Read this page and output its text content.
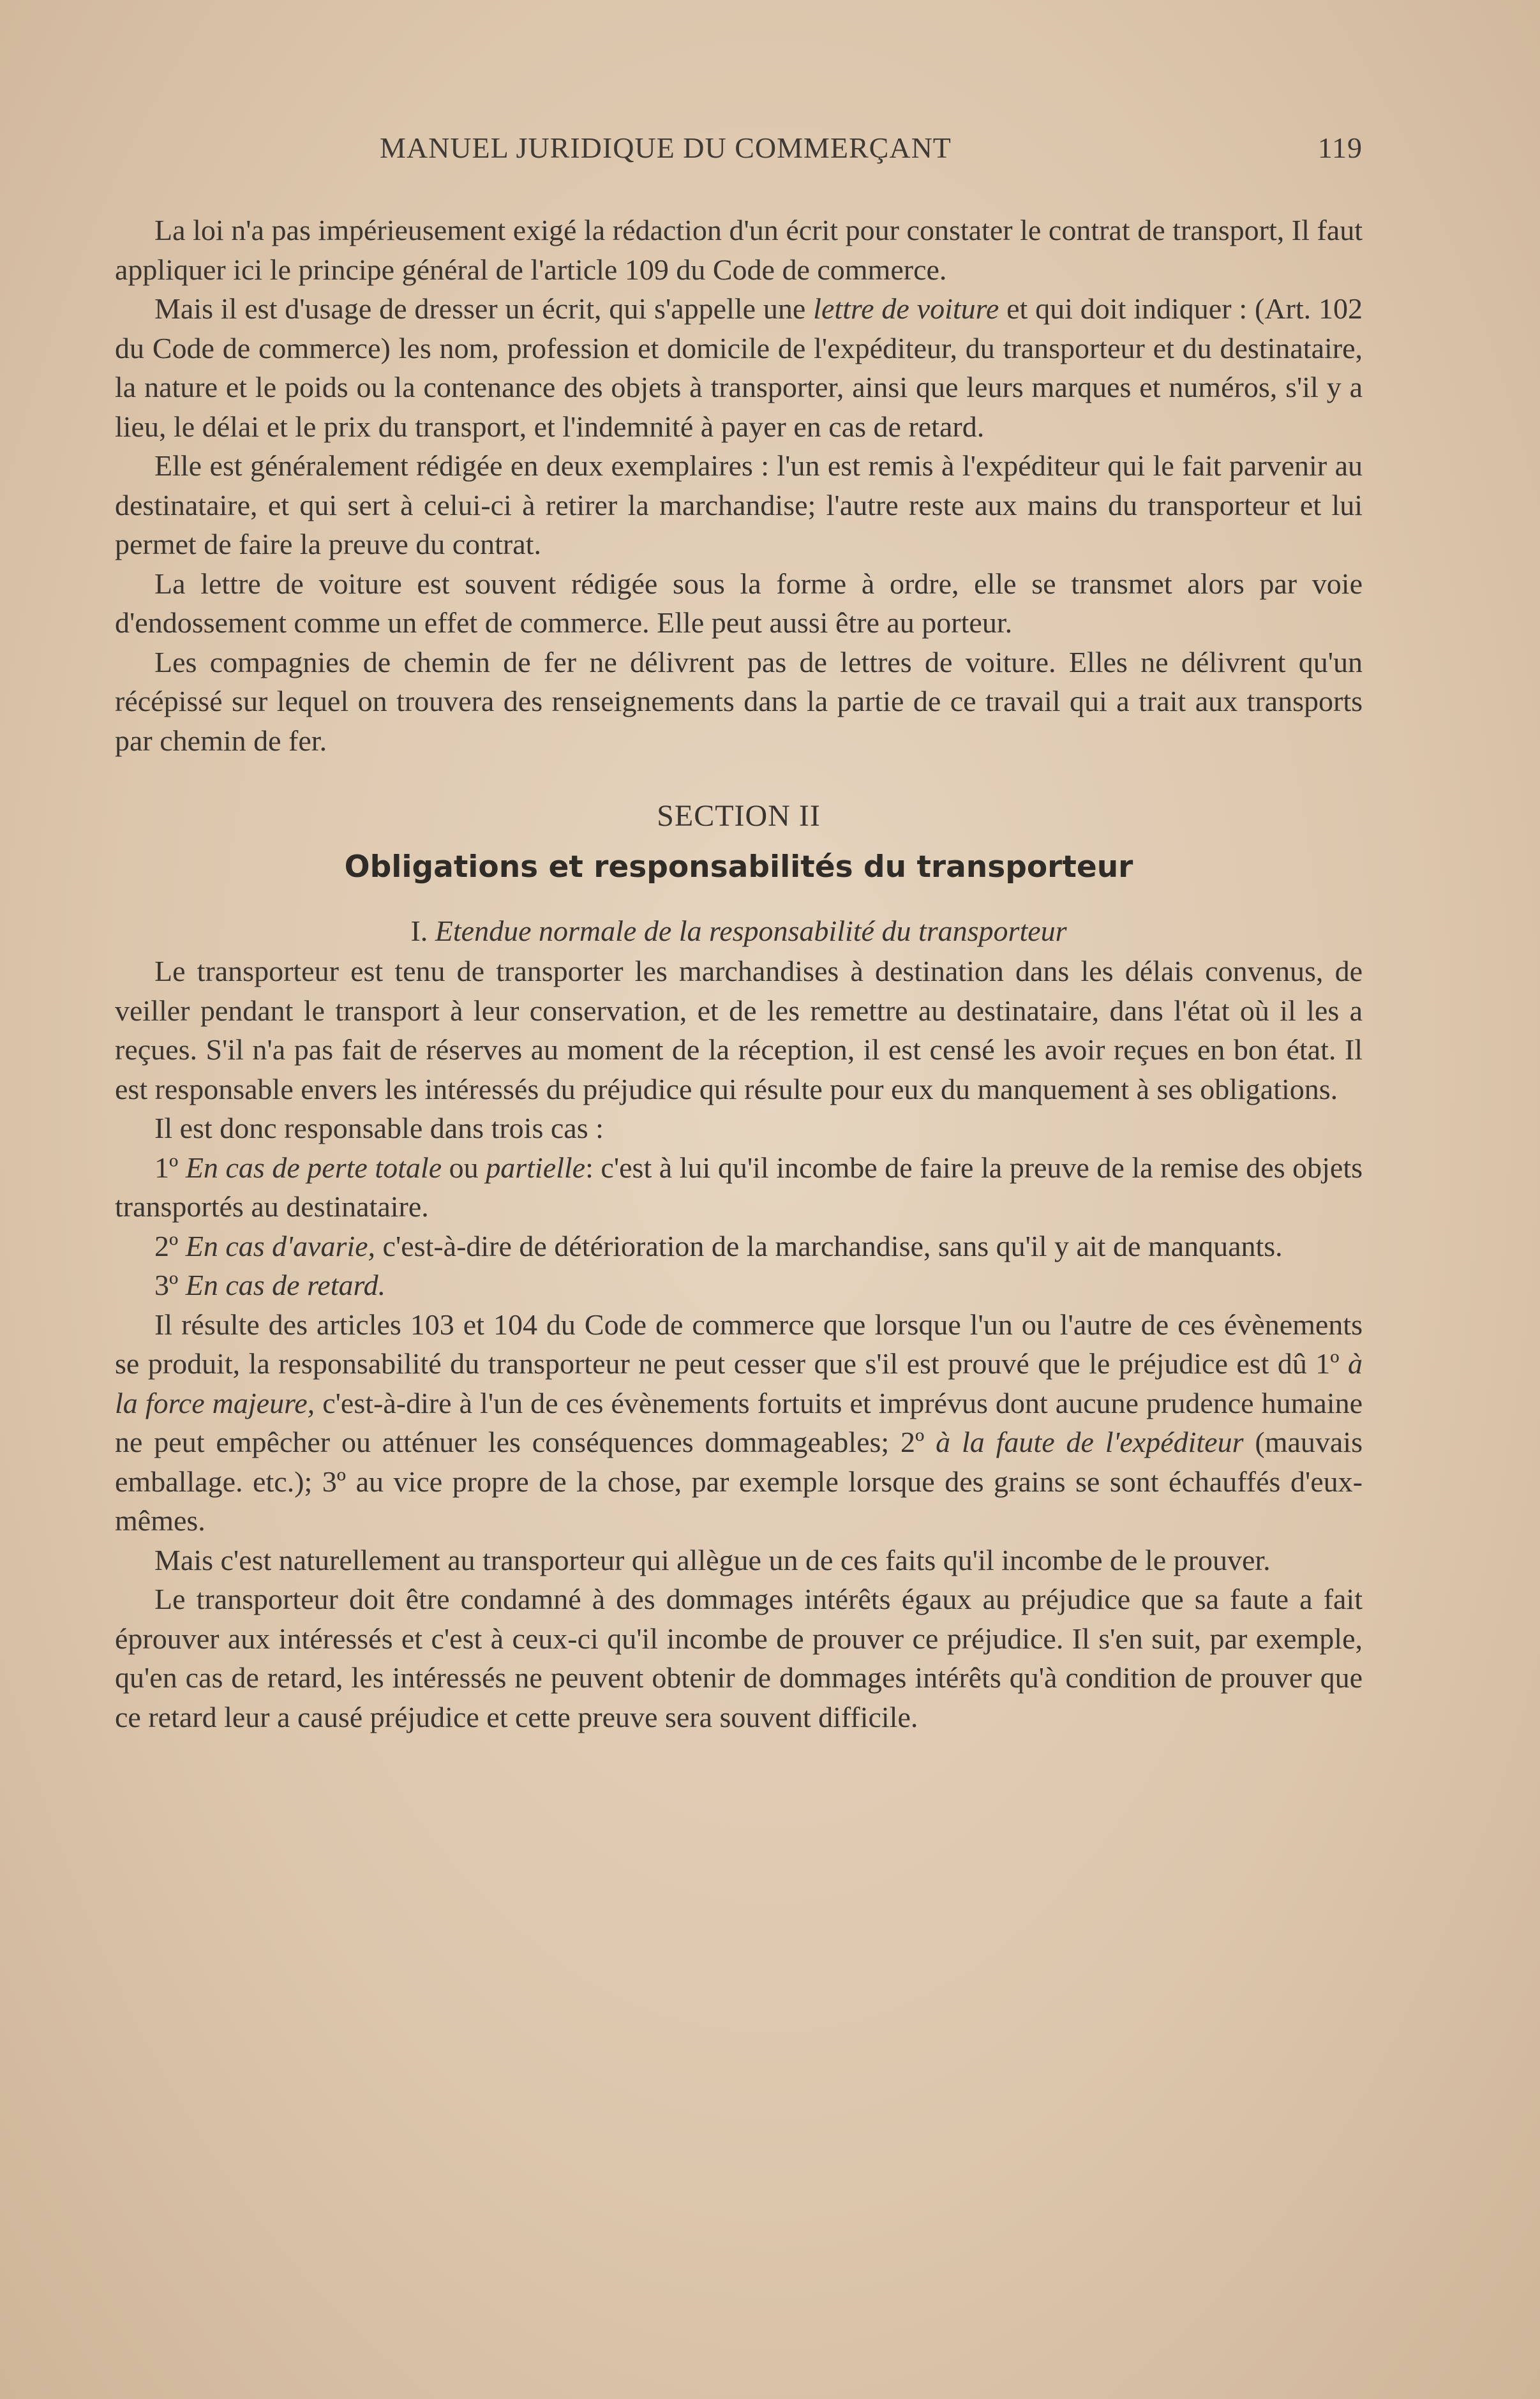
MANUEL JURIDIQUE DU COMMERÇANT	119

La loi n'a pas impérieusement exigé la rédaction d'un écrit pour constater le contrat de transport, Il faut appliquer ici le principe général de l'article 109 du Code de commerce.

Mais il est d'usage de dresser un écrit, qui s'appelle une lettre de voiture et qui doit indiquer : (Art. 102 du Code de commerce) les nom, profession et domicile de l'expéditeur, du transporteur et du destinataire, la nature et le poids ou la contenance des objets à transporter, ainsi que leurs marques et numéros, s'il y a lieu, le délai et le prix du transport, et l'indemnité à payer en cas de retard.

Elle est généralement rédigée en deux exemplaires : l'un est remis à l'expéditeur qui le fait parvenir au destinataire, et qui sert à celui-ci à retirer la marchandise; l'autre reste aux mains du transporteur et lui permet de faire la preuve du contrat.

La lettre de voiture est souvent rédigée sous la forme à ordre, elle se transmet alors par voie d'endossement comme un effet de commerce. Elle peut aussi être au porteur.

Les compagnies de chemin de fer ne délivrent pas de lettres de voiture. Elles ne délivrent qu'un récépissé sur lequel on trouvera des renseignements dans la partie de ce travail qui a trait aux transports par chemin de fer.

SECTION II
Obligations et responsabilités du transporteur
I. Etendue normale de la responsabilité du transporteur

Le transporteur est tenu de transporter les marchandises à destination dans les délais convenus, de veiller pendant le transport à leur conservation, et de les remettre au destinataire, dans l'état où il les a reçues. S'il n'a pas fait de réserves au moment de la réception, il est censé les avoir reçues en bon état. Il est responsable envers les intéressés du préjudice qui résulte pour eux du manquement à ses obligations.

Il est donc responsable dans trois cas :

1º En cas de perte totale ou partielle: c'est à lui qu'il incombe de faire la preuve de la remise des objets transportés au destinataire.

2º En cas d'avarie, c'est-à-dire de détérioration de la marchandise, sans qu'il y ait de manquants.

3º En cas de retard.

Il résulte des articles 103 et 104 du Code de commerce que lorsque l'un ou l'autre de ces évènements se produit, la responsabilité du transporteur ne peut cesser que s'il est prouvé que le préjudice est dû 1º à la force majeure, c'est-à-dire à l'un de ces évènements fortuits et imprévus dont aucune prudence humaine ne peut empêcher ou atténuer les conséquences dommageables; 2º à la faute de l'expéditeur (mauvais emballage. etc.); 3º au vice propre de la chose, par exemple lorsque des grains se sont échauffés d'eux-mêmes.

Mais c'est naturellement au transporteur qui allègue un de ces faits qu'il incombe de le prouver.

Le transporteur doit être condamné à des dommages intérêts égaux au préjudice que sa faute a fait éprouver aux intéressés et c'est à ceux-ci qu'il incombe de prouver ce préjudice. Il s'en suit, par exemple, qu'en cas de retard, les intéressés ne peuvent obtenir de dommages intérêts qu'à condition de prouver que ce retard leur a causé préjudice et cette preuve sera souvent difficile.
